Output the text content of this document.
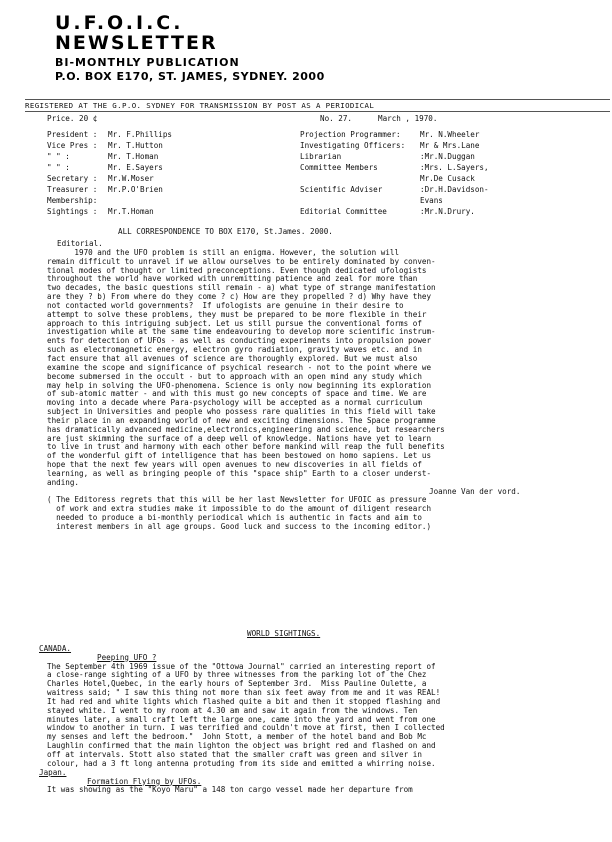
U.F.O.I.C.
NEWSLETTER
BI-MONTHLY PUBLICATION
P.O. BOX E170, ST. JAMES, SYDNEY. 2000
REGISTERED AT THE G.P.O. SYDNEY FOR TRANSMISSION BY POST AS A PERIODICAL
Price. 20 ¢	No. 27.	March , 1970.
President : Mr. F.Phillips
Vice Pres : Mr. T.Hutton
" " :	Mr. T.Homan
" " :	Mr. E.Sayers
Secretary : Mr.W.Moser
Treasurer : Mr.P.O'Brien
Membership:
Sightings : Mr.T.Homan
Projection Programmer:	Mr. N.Wheeler
Investigating Officers: Mr & Mrs.Lane
Librarian	:Mr.N.Duggan
Committee Members	:Mrs. L.Sayers,
Mr.De Cusack
Scientific Adviser	:Dr.H.Davidson-
Evans
Editorial Committee	:Mr.N.Drury.
ALL CORRESPONDENCE TO BOX E170, St.James. 2000.
Editorial.
1970 and the UFO problem is still an enigma. However, the solution will
remain difficult to unravel if we allow ourselves to be entirely dominated by conven-
tional modes of thought or limited preconceptions. Even though dedicated ufologists
throughout the world have worked with unremitting patience and zeal for more than
two decades, the basic questions still remain - a) what type of strange manifestation
are they ? b) From where do they come ? c) How are they propelled ? d) Why have they
not contacted world governments?  If ufologists are genuine in their desire to
attempt to solve these problems, they must be prepared to be more flexible in their
approach to this intriguing subject. Let us still pursue the conventional forms of
investigation while at the same time endeavouring to develop more scientific instrum-
ents for detection of UFOs - as well as conducting experiments into propulsion power
such as electromagnetic energy, electron gyro radiation, gravity waves etc. and in
fact ensure that all avenues of science are thoroughly explored. But we must also
examine the scope and significance of psychical research - not to the point where we
become submersed in the occult - but to approach with an open mind any study which
may help in solving the UFO-phenomena. Science is only now beginning its exploration
of sub-atomic matter - and with this must go new concepts of space and time. We are
moving into a decade where Para-psychology will be accepted as a normal curriculum
subject in Universities and people who possess rare qualities in this field will take
their place in an expanding world of new and exciting dimensions. The Space programme
has dramatically advanced medicine,electronics,engineering and science, but researchers
are just skimming the surface of a deep well of knowledge. Nations have yet to learn
to live in trust and harmony with each other before mankind will reap the full benefits
of the wonderful gift of intelligence that has been bestowed on homo sapiens. Let us
hope that the next few years will open avenues to new discoveries in all fields of
learning, as well as bringing people of this "space ship" Earth to a closer underst-
anding.
Joanne Van der vord.
( The Editoress regrets that this will be her last Newsletter for UFOIC as pressure
of work and extra studies make it impossible to do the amount of diligent research
needed to produce a bi-monthly periodical which is authentic in facts and aim to
interest members in all age groups. Good luck and success to the incoming editor.)
WORLD SIGHTINGS.
CANADA.
Peeping UFO ?
The September 4th 1969 issue of the "Ottowa Journal" carried an interesting report of
a close-range sighting of a UFO by three witnesses from the parking lot of the Chez
Charles Hotel,Quebec, in the early hours of September 3rd.  Miss Pauline Oulette, a
waitress said; " I saw this thing not more than six feet away from me and it was REAL!
It had red and white lights which flashed quite a bit and then it stopped flashing and
stayed white. I went to my room at 4.30 am and saw it again from the windows. Ten
minutes later, a small craft left the large one, came into the yard and went from one
window to another in turn. I was terrified and couldn't move at first, then I collected
my senses and left the bedroom."  John Stott, a member of the hotel band and Bob Mc
Laughlin confirmed that the main lighton the object was bright red and flashed on and
off at intervals. Stott also stated that the smaller craft was green and silver in
colour, had a 3 ft long antenna protuding from its side and emitted a whirring noise.
Japan.
Formation Flying by UFOs.
It was showing as the "Koyo Maru" a 148 ton cargo vessel made her departure from
